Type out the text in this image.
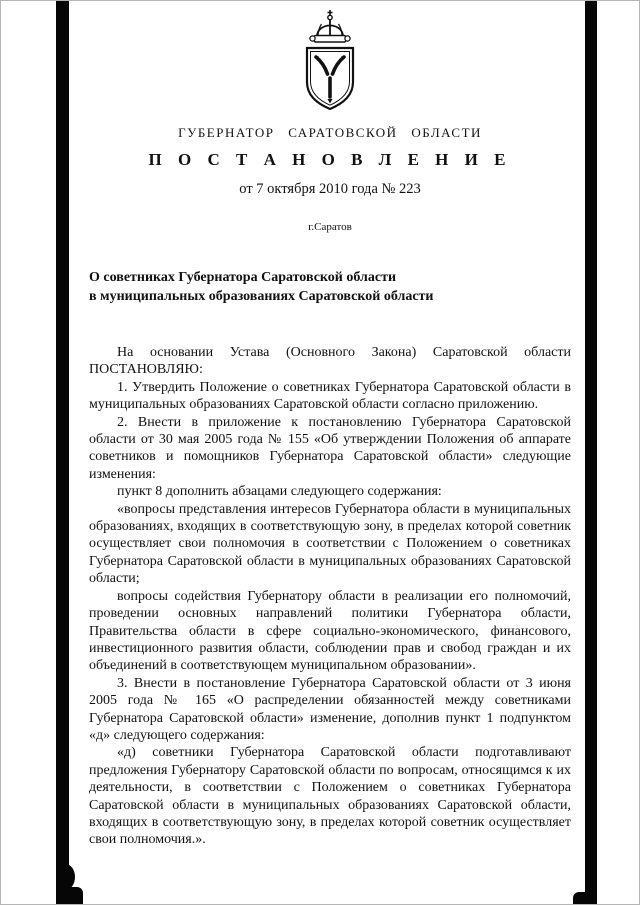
ГУБЕРНАТОР САРАТОВСКОЙ ОБЛАСТИ
П О С Т А Н О В Л Е Н И Е
от 7 октября 2010 года № 223
г.Саратов
О советниках Губернатора Саратовской области
в муниципальных образованиях Саратовской области

На основании Устава (Основного Закона) Саратовской области ПОСТАНОВЛЯЮ:

1. Утвердить Положение о советниках Губернатора Саратовской области в муниципальных образованиях Саратовской области согласно приложению.

2. Внести в приложение к постановлению Губернатора Саратовской области от 30 мая 2005 года № 155 «Об утверждении Положения об аппарате советников и помощников Губернатора Саратовской области» следующие изменения:

пункт 8 дополнить абзацами следующего содержания:

«вопросы представления интересов Губернатора области в муниципальных образованиях, входящих в соответствующую зону, в пределах которой советник осуществляет свои полномочия в соответствии с Положением о советниках Губернатора Саратовской области в муниципальных образованиях Саратовской области;

вопросы содействия Губернатору области в реализации его полномочий, проведении основных направлений политики Губернатора области, Правительства области в сфере социально-экономического, финансового, инвестиционного развития области, соблюдении прав и свобод граждан и их объединений в соответствующем муниципальном образовании».

3. Внести в постановление Губернатора Саратовской области от 3 июня 2005 года № 165 «О распределении обязанностей между советниками Губернатора Саратовской области» изменение, дополнив пункт 1 подпунктом «д» следующего содержания:

«д) советники Губернатора Саратовской области подготавливают предложения Губернатору Саратовской области по вопросам, относящимся к их деятельности, в соответствии с Положением о советниках Губернатора Саратовской области в муниципальных образованиях Саратовской области, входящих в соответствующую зону, в пределах которой советник осуществляет свои полномочия.».
